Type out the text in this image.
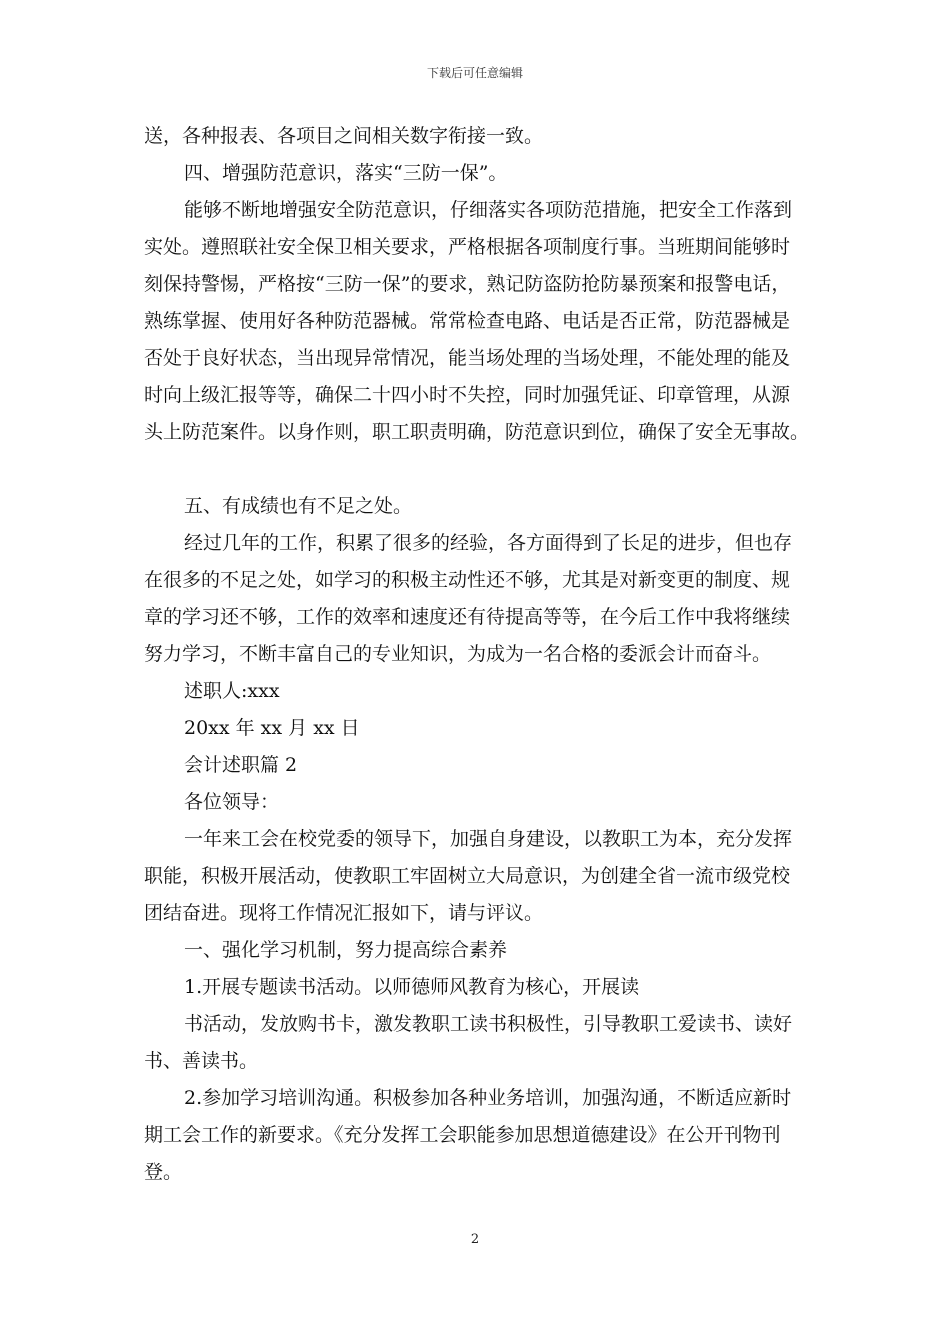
下载后可任意编辑
送，各种报表、各项目之间相关数字衔接一致。
四、增强防范意识，落实“三防一保”。
能够不断地增强安全防范意识，仔细落实各项防范措施，把安全工作落到
实处。遵照联社安全保卫相关要求，严格根据各项制度行事。当班期间能够时
刻保持警惕，严格按“三防一保”的要求，熟记防盗防抢防暴预案和报警电话，
熟练掌握、使用好各种防范器械。常常检查电路、电话是否正常，防范器械是
否处于良好状态，当出现异常情况，能当场处理的当场处理，不能处理的能及
时向上级汇报等等，确保二十四小时不失控，同时加强凭证、印章管理，从源
头上防范案件。以身作则，职工职责明确，防范意识到位，确保了安全无事故。
五、有成绩也有不足之处。
经过几年的工作，积累了很多的经验，各方面得到了长足的进步，但也存
在很多的不足之处，如学习的积极主动性还不够，尤其是对新变更的制度、规
章的学习还不够，工作的效率和速度还有待提高等等，在今后工作中我将继续
努力学习，不断丰富自己的专业知识，为成为一名合格的委派会计而奋斗。
述职人:xxx
20xx 年 xx 月 xx 日
会计述职篇 2
各位领导：
一年来工会在校党委的领导下，加强自身建设，以教职工为本，充分发挥
职能，积极开展活动，使教职工牢固树立大局意识，为创建全省一流市级党校
团结奋进。现将工作情况汇报如下，请与评议。
一、强化学习机制，努力提高综合素养
1.开展专题读书活动。以师德师风教育为核心，开展读
书活动，发放购书卡，激发教职工读书积极性，引导教职工爱读书、读好
书、善读书。
2.参加学习培训沟通。积极参加各种业务培训，加强沟通，不断适应新时
期工会工作的新要求。《充分发挥工会职能参加思想道德建设》在公开刊物刊
登。
2
